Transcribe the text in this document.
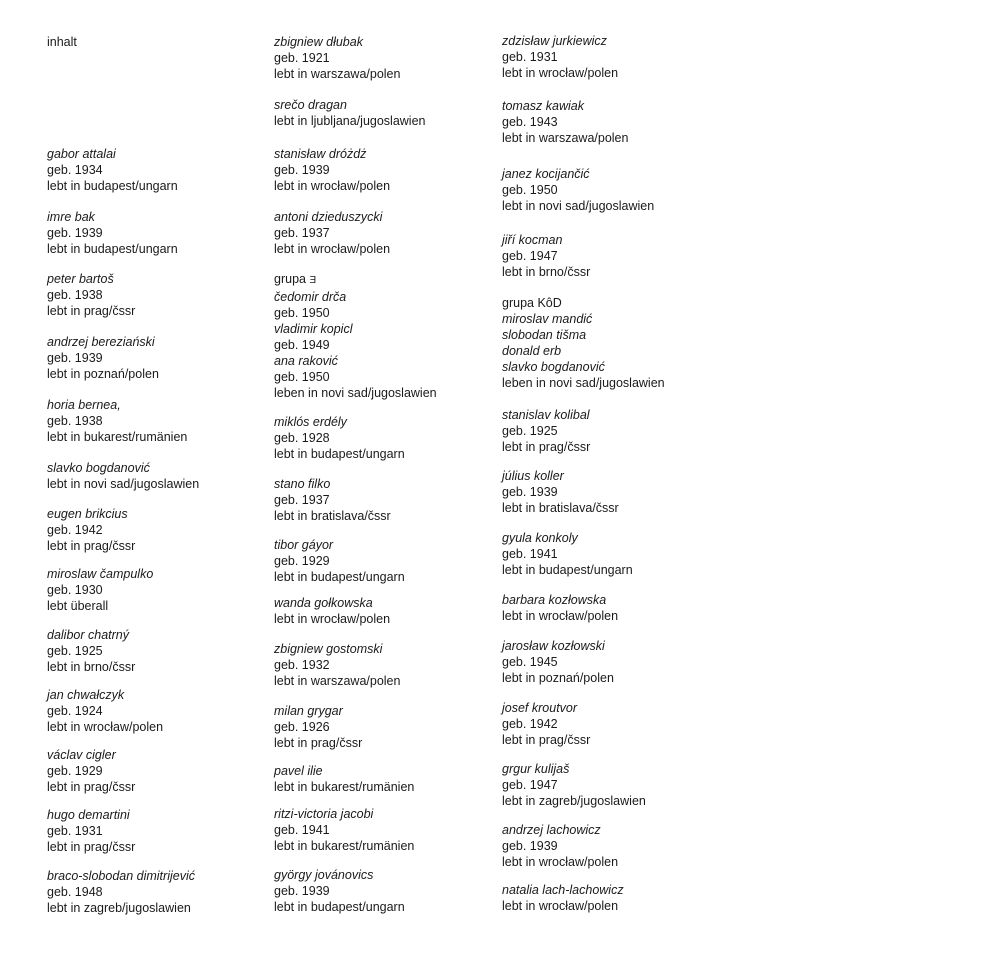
inhalt
gabor attalai
geb. 1934
lebt in budapest/ungarn
imre bak
geb. 1939
lebt in budapest/ungarn
peter bartoš
geb. 1938
lebt in prag/čssr
andrzej bereziański
geb. 1939
lebt in poznań/polen
horia bernea,
geb. 1938
lebt in bukarest/rumänien
slavko bogdanović
lebt in novi sad/jugoslawien
eugen brikcius
geb. 1942
lebt in prag/čssr
miroslaw čampulko
geb. 1930
lebt überall
dalibor chatrný
geb. 1925
lebt in brno/čssr
jan chwałczyk
geb. 1924
lebt in wrocław/polen
václav cigler
geb. 1929
lebt in prag/čssr
hugo demartini
geb. 1931
lebt in prag/čssr
braco-slobodan dimitrijević
geb. 1948
lebt in zagreb/jugoslawien
zbigniew dłubak
geb. 1921
lebt in warszawa/polen
srečo dragan
lebt in ljubljana/jugoslawien
stanisław dróżdż
geb. 1939
lebt in wrocław/polen
antoni dzieduszycki
geb. 1937
lebt in wrocław/polen
grupa Ǝ
čedomir drča
geb. 1950
vladimir kopicl
geb. 1949
ana raković
geb. 1950
leben in novi sad/jugoslawien
miklós erdély
geb. 1928
lebt in budapest/ungarn
stano filko
geb. 1937
lebt in bratislava/čssr
tibor gáyor
geb. 1929
lebt in budapest/ungarn
wanda gołkowska
lebt in wrocław/polen
zbigniew gostomski
geb. 1932
lebt in warszawa/polen
milan grygar
geb. 1926
lebt in prag/čssr
pavel ilie
lebt in bukarest/rumänien
ritzi-victoria jacobi
geb. 1941
lebt in bukarest/rumänien
györgy jovánovics
geb. 1939
lebt in budapest/ungarn
zdzisław jurkiewicz
geb. 1931
lebt in wrocław/polen
tomasz kawiak
geb. 1943
lebt in warszawa/polen
janez kocijančić
geb. 1950
lebt in novi sad/jugoslawien
jiří kocman
geb. 1947
lebt in brno/čssr
grupa KôD
miroslav mandić
slobodan tišma
donald erb
slavko bogdanović
leben in novi sad/jugoslawien
stanislav kolibal
geb. 1925
lebt in prag/čssr
július koller
geb. 1939
lebt in bratislava/čssr
gyula konkoly
geb. 1941
lebt in budapest/ungarn
barbara kozłowska
lebt in wrocław/polen
jarosław kozłowski
geb. 1945
lebt in poznań/polen
josef kroutvor
geb. 1942
lebt in prag/čssr
grgur kulijaš
geb. 1947
lebt in zagreb/jugoslawien
andrzej lachowicz
geb. 1939
lebt in wrocław/polen
natalia lach-lachowicz
lebt in wrocław/polen
